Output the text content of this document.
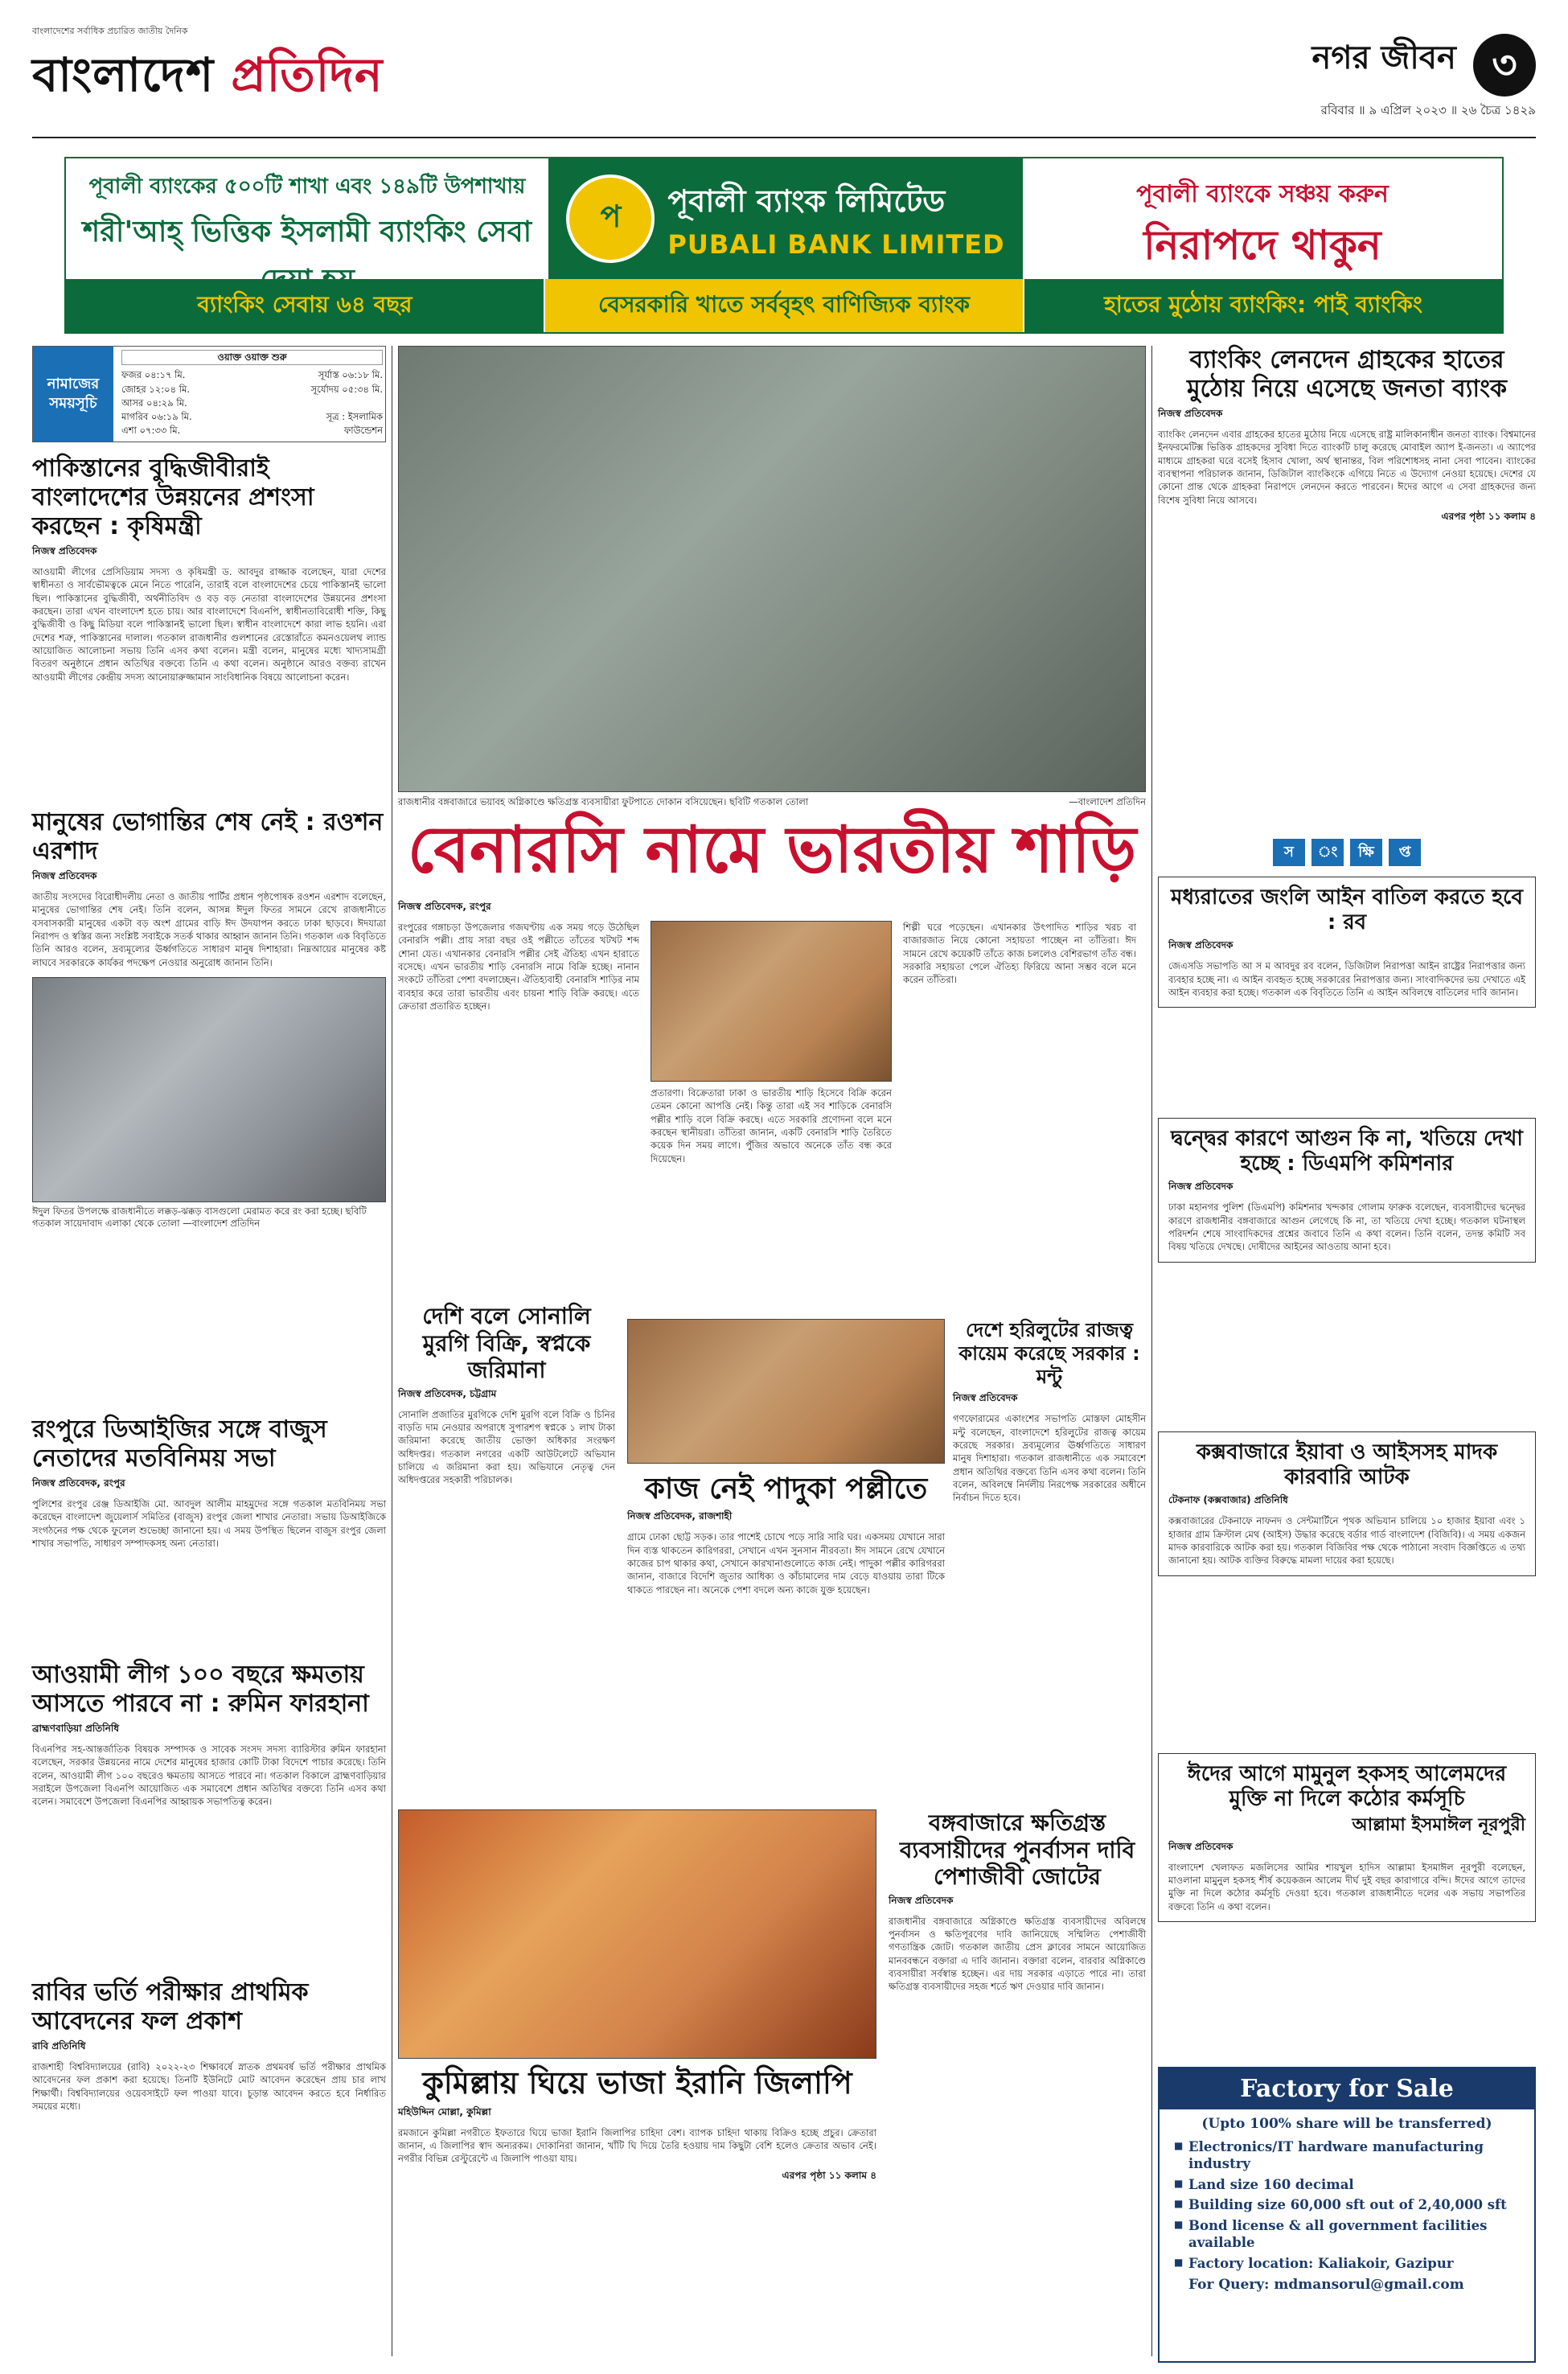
বাংলাদেশের সর্বাধিক প্রচারিত জাতীয় দৈনিক
বাংলাদেশ প্রতিদিন	নগর জীবন ৩
রবিবার ॥ ৯ এপ্রিল ২০২৩ ॥ ২৬ চৈত্র ১৪২৯
পূবালী ব্যাংকের ৫০০টি শাখা এবং ১৪৯টি উপশাখায়
শরী'আহ্ ভিত্তিক ইসলামী ব্যাংকিং সেবা দেয়া হয়
প	পূবালী ব্যাংক লিমিটেড
PUBALI BANK LIMITED
পূবালী ব্যাংকে সঞ্চয় করুন
নিরাপদে থাকুন
ব্যাংকিং সেবায় ৬৪ বছর	বেসরকারি খাতে সর্ববৃহৎ বাণিজ্যিক ব্যাংক	হাতের মুঠোয় ব্যাংকিং: পাই ব্যাংকিং
নামাজের সময়সূচি
ওয়াক্ত ওয়াক্ত শুরু
ফজর ০৪:১৭ মি.	সূর্যাস্ত ০৬:১৮ মি.
জোহর ১২:০৪ মি.	সূর্যোদয় ০৫:৩৪ মি.
আসর ০৪:২৯ মি.
মাগরিব ০৬:১৯ মি.	সূত্র : ইসলামিক
এশা ০৭:৩৩ মি.	ফাউন্ডেশন
পাকিস্তানের বুদ্ধিজীবীরাই বাংলাদেশের উন্নয়নের প্রশংসা করছেন : কৃষিমন্ত্রী
নিজস্ব প্রতিবেদক
আওয়ামী লীগের প্রেসিডিয়াম সদস্য ও কৃষিমন্ত্রী ড. আবদুর রাজ্জাক বলেছেন, যারা দেশের স্বাধীনতা ও সার্বভৌমত্বকে মেনে নিতে পারেনি, তারাই বলে বাংলাদেশের চেয়ে পাকিস্তানই ভালো ছিল। পাকিস্তানের বুদ্ধিজীবী, অর্থনীতিবিদ ও বড় বড় নেতারা বাংলাদেশের উন্নয়নের প্রশংসা করছেন। তারা এখন বাংলাদেশ হতে চায়। আর বাংলাদেশে বিএনপি, স্বাধীনতাবিরোধী শক্তি, কিছু বুদ্ধিজীবী ও কিছু মিডিয়া বলে পাকিস্তানই ভালো ছিল। স্বাধীন বাংলাদেশে কারা লাভ হয়নি। এরা দেশের শত্রু, পাকিস্তানের দালাল। গতকাল রাজধানীর গুলশানের রেস্তোরাঁতে কমনওয়েলথ ল্যান্ড আয়োজিত আলোচনা সভায় তিনি এসব কথা বলেন। মন্ত্রী বলেন, মানুষের মধ্যে খাদ্যসামগ্রী বিতরণ অনুষ্ঠানে প্রধান অতিথির বক্তব্যে তিনি এ কথা বলেন। অনুষ্ঠানে আরও বক্তব্য রাখেন আওয়ামী লীগের কেন্দ্রীয় সদস্য আনোয়ারুজ্জামান সাংবিধানিক বিষয়ে আলোচনা করেন।
মানুষের ভোগান্তির শেষ নেই : রওশন এরশাদ
নিজস্ব প্রতিবেদক
জাতীয় সংসদের বিরোধীদলীয় নেতা ও জাতীয় পার্টির প্রধান পৃষ্ঠপোষক রওশন এরশাদ বলেছেন, মানুষের ভোগান্তির শেষ নেই। তিনি বলেন, আসন্ন ঈদুল ফিতর সামনে রেখে রাজধানীতে বসবাসকারী মানুষের একটা বড় অংশ গ্রামের বাড়ি ঈদ উদযাপন করতে ঢাকা ছাড়বে। ঈদযাত্রা নিরাপদ ও স্বস্তির জন্য সংশ্লিষ্ট সবাইকে সতর্ক থাকার আহ্বান জানান তিনি। গতকাল এক বিবৃতিতে তিনি আরও বলেন, দ্রব্যমূল্যের ঊর্ধ্বগতিতে সাধারণ মানুষ দিশাহারা। নিম্নআয়ের মানুষের কষ্ট লাঘবে সরকারকে কার্যকর পদক্ষেপ নেওয়ার অনুরোধ জানান তিনি।
ঈদুল ফিতর উপলক্ষে রাজধানীতে লক্কড়-ঝক্কড় বাসগুলো মেরামত করে রং করা হচ্ছে। ছবিটি গতকাল সায়েদাবাদ এলাকা থেকে তোলা —বাংলাদেশ প্রতিদিন
রংপুরে ডিআইজির সঙ্গে বাজুস নেতাদের মতবিনিময় সভা
নিজস্ব প্রতিবেদক, রংপুর
পুলিশের রংপুর রেঞ্জ ডিআইজি মো. আবদুল আলীম মাহমুদের সঙ্গে গতকাল মতবিনিময় সভা করেছেন বাংলাদেশ জুয়েলার্স সমিতির (বাজুস) রংপুর জেলা শাখার নেতারা। সভায় ডিআইজিকে সংগঠনের পক্ষ থেকে ফুলেল শুভেচ্ছা জানানো হয়। এ সময় উপস্থিত ছিলেন বাজুস রংপুর জেলা শাখার সভাপতি, সাধারণ সম্পাদকসহ অন্য নেতারা।
আওয়ামী লীগ ১০০ বছরে ক্ষমতায় আসতে পারবে না : রুমিন ফারহানা
ব্রাহ্মণবাড়িয়া প্রতিনিধি
বিএনপির সহ-আন্তর্জাতিক বিষয়ক সম্পাদক ও সাবেক সংসদ সদস্য ব্যারিস্টার রুমিন ফারহানা বলেছেন, সরকার উন্নয়নের নামে দেশের মানুষের হাজার কোটি টাকা বিদেশে পাচার করেছে। তিনি বলেন, আওয়ামী লীগ ১০০ বছরেও ক্ষমতায় আসতে পারবে না। গতকাল বিকালে ব্রাহ্মণবাড়িয়ার সরাইলে উপজেলা বিএনপি আয়োজিত এক সমাবেশে প্রধান অতিথির বক্তব্যে তিনি এসব কথা বলেন। সমাবেশে উপজেলা বিএনপির আহ্বায়ক সভাপতিত্ব করেন।
রাবির ভর্তি পরীক্ষার প্রাথমিক আবেদনের ফল প্রকাশ
রাবি প্রতিনিধি
রাজশাহী বিশ্ববিদ্যালয়ের (রাবি) ২০২২-২৩ শিক্ষাবর্ষে স্নাতক প্রথমবর্ষ ভর্তি পরীক্ষার প্রাথমিক আবেদনের ফল প্রকাশ করা হয়েছে। তিনটি ইউনিটে মোট আবেদন করেছেন প্রায় চার লাখ শিক্ষার্থী। বিশ্ববিদ্যালয়ের ওয়েবসাইটে ফল পাওয়া যাবে। চূড়ান্ত আবেদন করতে হবে নির্ধারিত সময়ের মধ্যে।
রাজধানীর বঙ্গবাজারে ভয়াবহ অগ্নিকাণ্ডে ক্ষতিগ্রস্ত ব্যবসায়ীরা ফুটপাতে দোকান বসিয়েছেন। ছবিটি গতকাল তোলা	—বাংলাদেশ প্রতিদিন
বেনারসি নামে ভারতীয় শাড়ি
নিজস্ব প্রতিবেদক, রংপুর
রংপুরের গঙ্গাচড়া উপজেলার গজঘণ্টায় এক সময় গড়ে উঠেছিল বেনারসি পল্লী। প্রায় সারা বছর ওই পল্লীতে তাঁতের খটখট শব্দ শোনা যেত। এখানকার বেনারসি পল্লীর সেই ঐতিহ্য এখন হারাতে বসেছে। এখন ভারতীয় শাড়ি বেনারসি নামে বিক্রি হচ্ছে। নানান সংকটে তাঁতিরা পেশা বদলাচ্ছেন। ঐতিহ্যবাহী বেনারসি শাড়ির নাম ব্যবহার করে তারা ভারতীয় এবং চায়না শাড়ি বিক্রি করছে। এতে ক্রেতারা প্রতারিত হচ্ছেন।
প্রতারণা। বিক্রেতারা ঢাকা ও ভারতীয় শাড়ি হিসেবে বিক্রি করেন তেমন কোনো আপত্তি নেই। কিন্তু তারা এই সব শাড়িকে বেনারসি পল্লীর শাড়ি বলে বিক্রি করছে। এতে সরকারি প্রণোদনা বলে মনে করছেন স্থানীয়রা। তাঁতিরা জানান, একটি বেনারসি শাড়ি তৈরিতে কয়েক দিন সময় লাগে। পুঁজির অভাবে অনেকে তাঁত বন্ধ করে দিয়েছেন।
শিল্পী ঘরে পড়েছেন। এখানকার উৎপাদিত শাড়ির খরচ বা বাজারজাত নিয়ে কোনো সহায়তা পাচ্ছেন না তাঁতিরা। ঈদ সামনে রেখে কয়েকটি তাঁতে কাজ চললেও বেশিরভাগ তাঁত বন্ধ। সরকারি সহায়তা পেলে ঐতিহ্য ফিরিয়ে আনা সম্ভব বলে মনে করেন তাঁতিরা।
দেশি বলে সোনালি মুরগি বিক্রি, স্বপ্নকে জরিমানা
নিজস্ব প্রতিবেদক, চট্টগ্রাম
সোনালি প্রজাতির মুরগিকে দেশি মুরগি বলে বিক্রি ও চিনির বাড়তি দাম নেওয়ার অপরাধে সুপারশপ স্বপ্নকে ১ লাখ টাকা জরিমানা করেছে জাতীয় ভোক্তা অধিকার সংরক্ষণ অধিদপ্তর। গতকাল নগরের একটি আউটলেটে অভিযান চালিয়ে এ জরিমানা করা হয়। অভিযানে নেতৃত্ব দেন অধিদপ্তরের সহকারী পরিচালক।	কাজ নেই পাদুকা পল্লীতে
নিজস্ব প্রতিবেদক, রাজশাহী
গ্রামে ঢোকা ছোট্ট সড়ক। তার পাশেই চোখে পড়ে সারি সারি ঘর। একসময় যেখানে সারা দিন ব্যস্ত থাকতেন কারিগররা, সেখানে এখন সুনসান নীরবতা। ঈদ সামনে রেখে যেখানে কাজের চাপ থাকার কথা, সেখানে কারখানাগুলোতে কাজ নেই। পাদুকা পল্লীর কারিগররা জানান, বাজারে বিদেশি জুতার আধিক্য ও কাঁচামালের দাম বেড়ে যাওয়ায় তারা টিকে থাকতে পারছেন না। অনেকে পেশা বদলে অন্য কাজে যুক্ত হয়েছেন।
দেশে হরিলুটের রাজত্ব কায়েম করেছে সরকার : মন্টু
নিজস্ব প্রতিবেদক
গণফোরামের একাংশের সভাপতি মোস্তফা মোহসীন মন্টু বলেছেন, বাংলাদেশে হরিলুটের রাজত্ব কায়েম করেছে সরকার। দ্রব্যমূল্যের ঊর্ধ্বগতিতে সাধারণ মানুষ দিশাহারা। গতকাল রাজধানীতে এক সমাবেশে প্রধান অতিথির বক্তব্যে তিনি এসব কথা বলেন। তিনি বলেন, অবিলম্বে নির্দলীয় নিরপেক্ষ সরকারের অধীনে নির্বাচন দিতে হবে।
কুমিল্লায় ঘিয়ে ভাজা ইরানি জিলাপি
মহিউদ্দিন মোল্লা, কুমিল্লা
রমজানে কুমিল্লা নগরীতে ইফতারে ঘিয়ে ভাজা ইরানি জিলাপির চাহিদা বেশ। ব্যাপক চাহিদা থাকায় বিক্রিও হচ্ছে প্রচুর। ক্রেতারা জানান, এ জিলাপির স্বাদ অন্যরকম। দোকানিরা জানান, খাঁটি ঘি দিয়ে তৈরি হওয়ায় দাম কিছুটা বেশি হলেও ক্রেতার অভাব নেই। নগরীর বিভিন্ন রেস্টুরেন্টে এ জিলাপি পাওয়া যায়।
এরপর পৃষ্ঠা ১১ কলাম ৪
বঙ্গবাজারে ক্ষতিগ্রস্ত ব্যবসায়ীদের পুনর্বাসন দাবি পেশাজীবী জোটের
নিজস্ব প্রতিবেদক
রাজধানীর বঙ্গবাজারে অগ্নিকাণ্ডে ক্ষতিগ্রস্ত ব্যবসায়ীদের অবিলম্বে পুনর্বাসন ও ক্ষতিপূরণের দাবি জানিয়েছে সম্মিলিত পেশাজীবী গণতান্ত্রিক জোট। গতকাল জাতীয় প্রেস ক্লাবের সামনে আয়োজিত মানববন্ধনে বক্তারা এ দাবি জানান। বক্তারা বলেন, বারবার অগ্নিকাণ্ডে ব্যবসায়ীরা সর্বস্বান্ত হচ্ছেন। এর দায় সরকার এড়াতে পারে না। তারা ক্ষতিগ্রস্ত ব্যবসায়ীদের সহজ শর্তে ঋণ দেওয়ার দাবি জানান।
ব্যাংকিং লেনদেন গ্রাহকের হাতের মুঠোয় নিয়ে এসেছে জনতা ব্যাংক
নিজস্ব প্রতিবেদক
ব্যাংকিং লেনদেন এবার গ্রাহকের হাতের মুঠোয় নিয়ে এসেছে রাষ্ট্র মালিকানাধীন জনতা ব্যাংক। বিশ্বমানের ইনফরমেটিক্স ভিত্তিক গ্রাহকদের সুবিধা দিতে ব্যাংকটি চালু করেছে মোবাইল অ্যাপ ই-জনতা। এ অ্যাপের মাধ্যমে গ্রাহকরা ঘরে বসেই হিসাব খোলা, অর্থ স্থানান্তর, বিল পরিশোধসহ নানা সেবা পাবেন। ব্যাংকের ব্যবস্থাপনা পরিচালক জানান, ডিজিটাল ব্যাংকিংকে এগিয়ে নিতে এ উদ্যোগ নেওয়া হয়েছে। দেশের যে কোনো প্রান্ত থেকে গ্রাহকরা নিরাপদে লেনদেন করতে পারবেন। ঈদের আগে এ সেবা গ্রাহকদের জন্য বিশেষ সুবিধা নিয়ে আসবে।
এরপর পৃষ্ঠা ১১ কলাম ৪
স	ং	ক্ষি	প্ত
মধ্যরাতের জংলি আইন বাতিল করতে হবে : রব
নিজস্ব প্রতিবেদক
জেএসডি সভাপতি আ স ম আবদুর রব বলেন, ডিজিটাল নিরাপত্তা আইন রাষ্ট্রের নিরাপত্তার জন্য ব্যবহার হচ্ছে না। এ আইন ব্যবহৃত হচ্ছে সরকারের নিরাপত্তার জন্য। সাংবাদিকদের ভয় দেখাতে এই আইন ব্যবহার করা হচ্ছে। গতকাল এক বিবৃতিতে তিনি এ আইন অবিলম্বে বাতিলের দাবি জানান।
দ্বন্দ্বের কারণে আগুন কি না, খতিয়ে দেখা হচ্ছে : ডিএমপি কমিশনার
নিজস্ব প্রতিবেদক
ঢাকা মহানগর পুলিশ (ডিএমপি) কমিশনার খন্দকার গোলাম ফারুক বলেছেন, ব্যবসায়ীদের দ্বন্দ্বের কারণে রাজধানীর বঙ্গবাজারে আগুন লেগেছে কি না, তা খতিয়ে দেখা হচ্ছে। গতকাল ঘটনাস্থল পরিদর্শন শেষে সাংবাদিকদের প্রশ্নের জবাবে তিনি এ কথা বলেন। তিনি বলেন, তদন্ত কমিটি সব বিষয় খতিয়ে দেখছে। দোষীদের আইনের আওতায় আনা হবে।
কক্সবাজারে ইয়াবা ও আইসসহ মাদক কারবারি আটক
টেকনাফ (কক্সবাজার) প্রতিনিধি
কক্সবাজারের টেকনাফে নাফনদ ও সেন্টমার্টিনে পৃথক অভিযান চালিয়ে ১০ হাজার ইয়াবা এবং ১ হাজার গ্রাম ক্রিস্টাল মেথ (আইস) উদ্ধার করেছে বর্ডার গার্ড বাংলাদেশ (বিজিবি)। এ সময় একজন মাদক কারবারিকে আটক করা হয়। গতকাল বিজিবির পক্ষ থেকে পাঠানো সংবাদ বিজ্ঞপ্তিতে এ তথ্য জানানো হয়। আটক ব্যক্তির বিরুদ্ধে মামলা দায়ের করা হয়েছে।
ঈদের আগে মামুনুল হকসহ আলেমদের মুক্তি না দিলে কঠোর কর্মসূচি
আল্লামা ইসমাঈল নূরপুরী
নিজস্ব প্রতিবেদক
বাংলাদেশ খেলাফত মজলিসের আমির শায়খুল হাদিস আল্লামা ইসমাঈল নূরপুরী বলেছেন, মাওলানা মামুনুল হকসহ শীর্ষ কয়েকজন আলেম দীর্ঘ দুই বছর কারাগারে বন্দি। ঈদের আগে তাদের মুক্তি না দিলে কঠোর কর্মসূচি দেওয়া হবে। গতকাল রাজধানীতে দলের এক সভায় সভাপতির বক্তব্যে তিনি এ কথা বলেন।
Factory for Sale
(Upto 100% share will be transferred)
■ Electronics/IT hardware manufacturing industry
■ Land size 160 decimal
■ Building size 60,000 sft out of 2,40,000 sft
■ Bond license & all government facilities available
■ Factory location: Kaliakoir, Gazipur
For Query: mdmansorul@gmail.com
